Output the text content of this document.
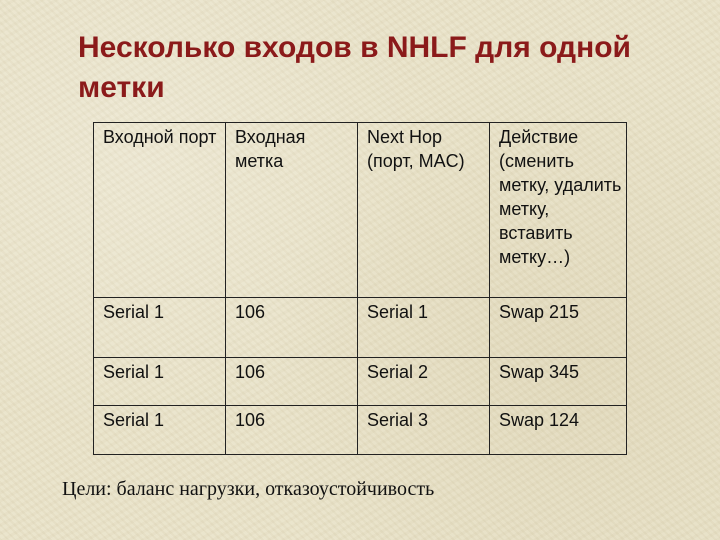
Несколько входов в NHLF для одной метки
Входной порт	Входная метка	Next Hop (порт, MAC)	Действие (сменить метку, удалить метку, вставить метку…)
Serial 1	106	Serial 1	Swap 215
Serial 1	106	Serial 2	Swap 345
Serial 1	106	Serial 3	Swap 124

Цели: баланс нагрузки, отказоустойчивость
